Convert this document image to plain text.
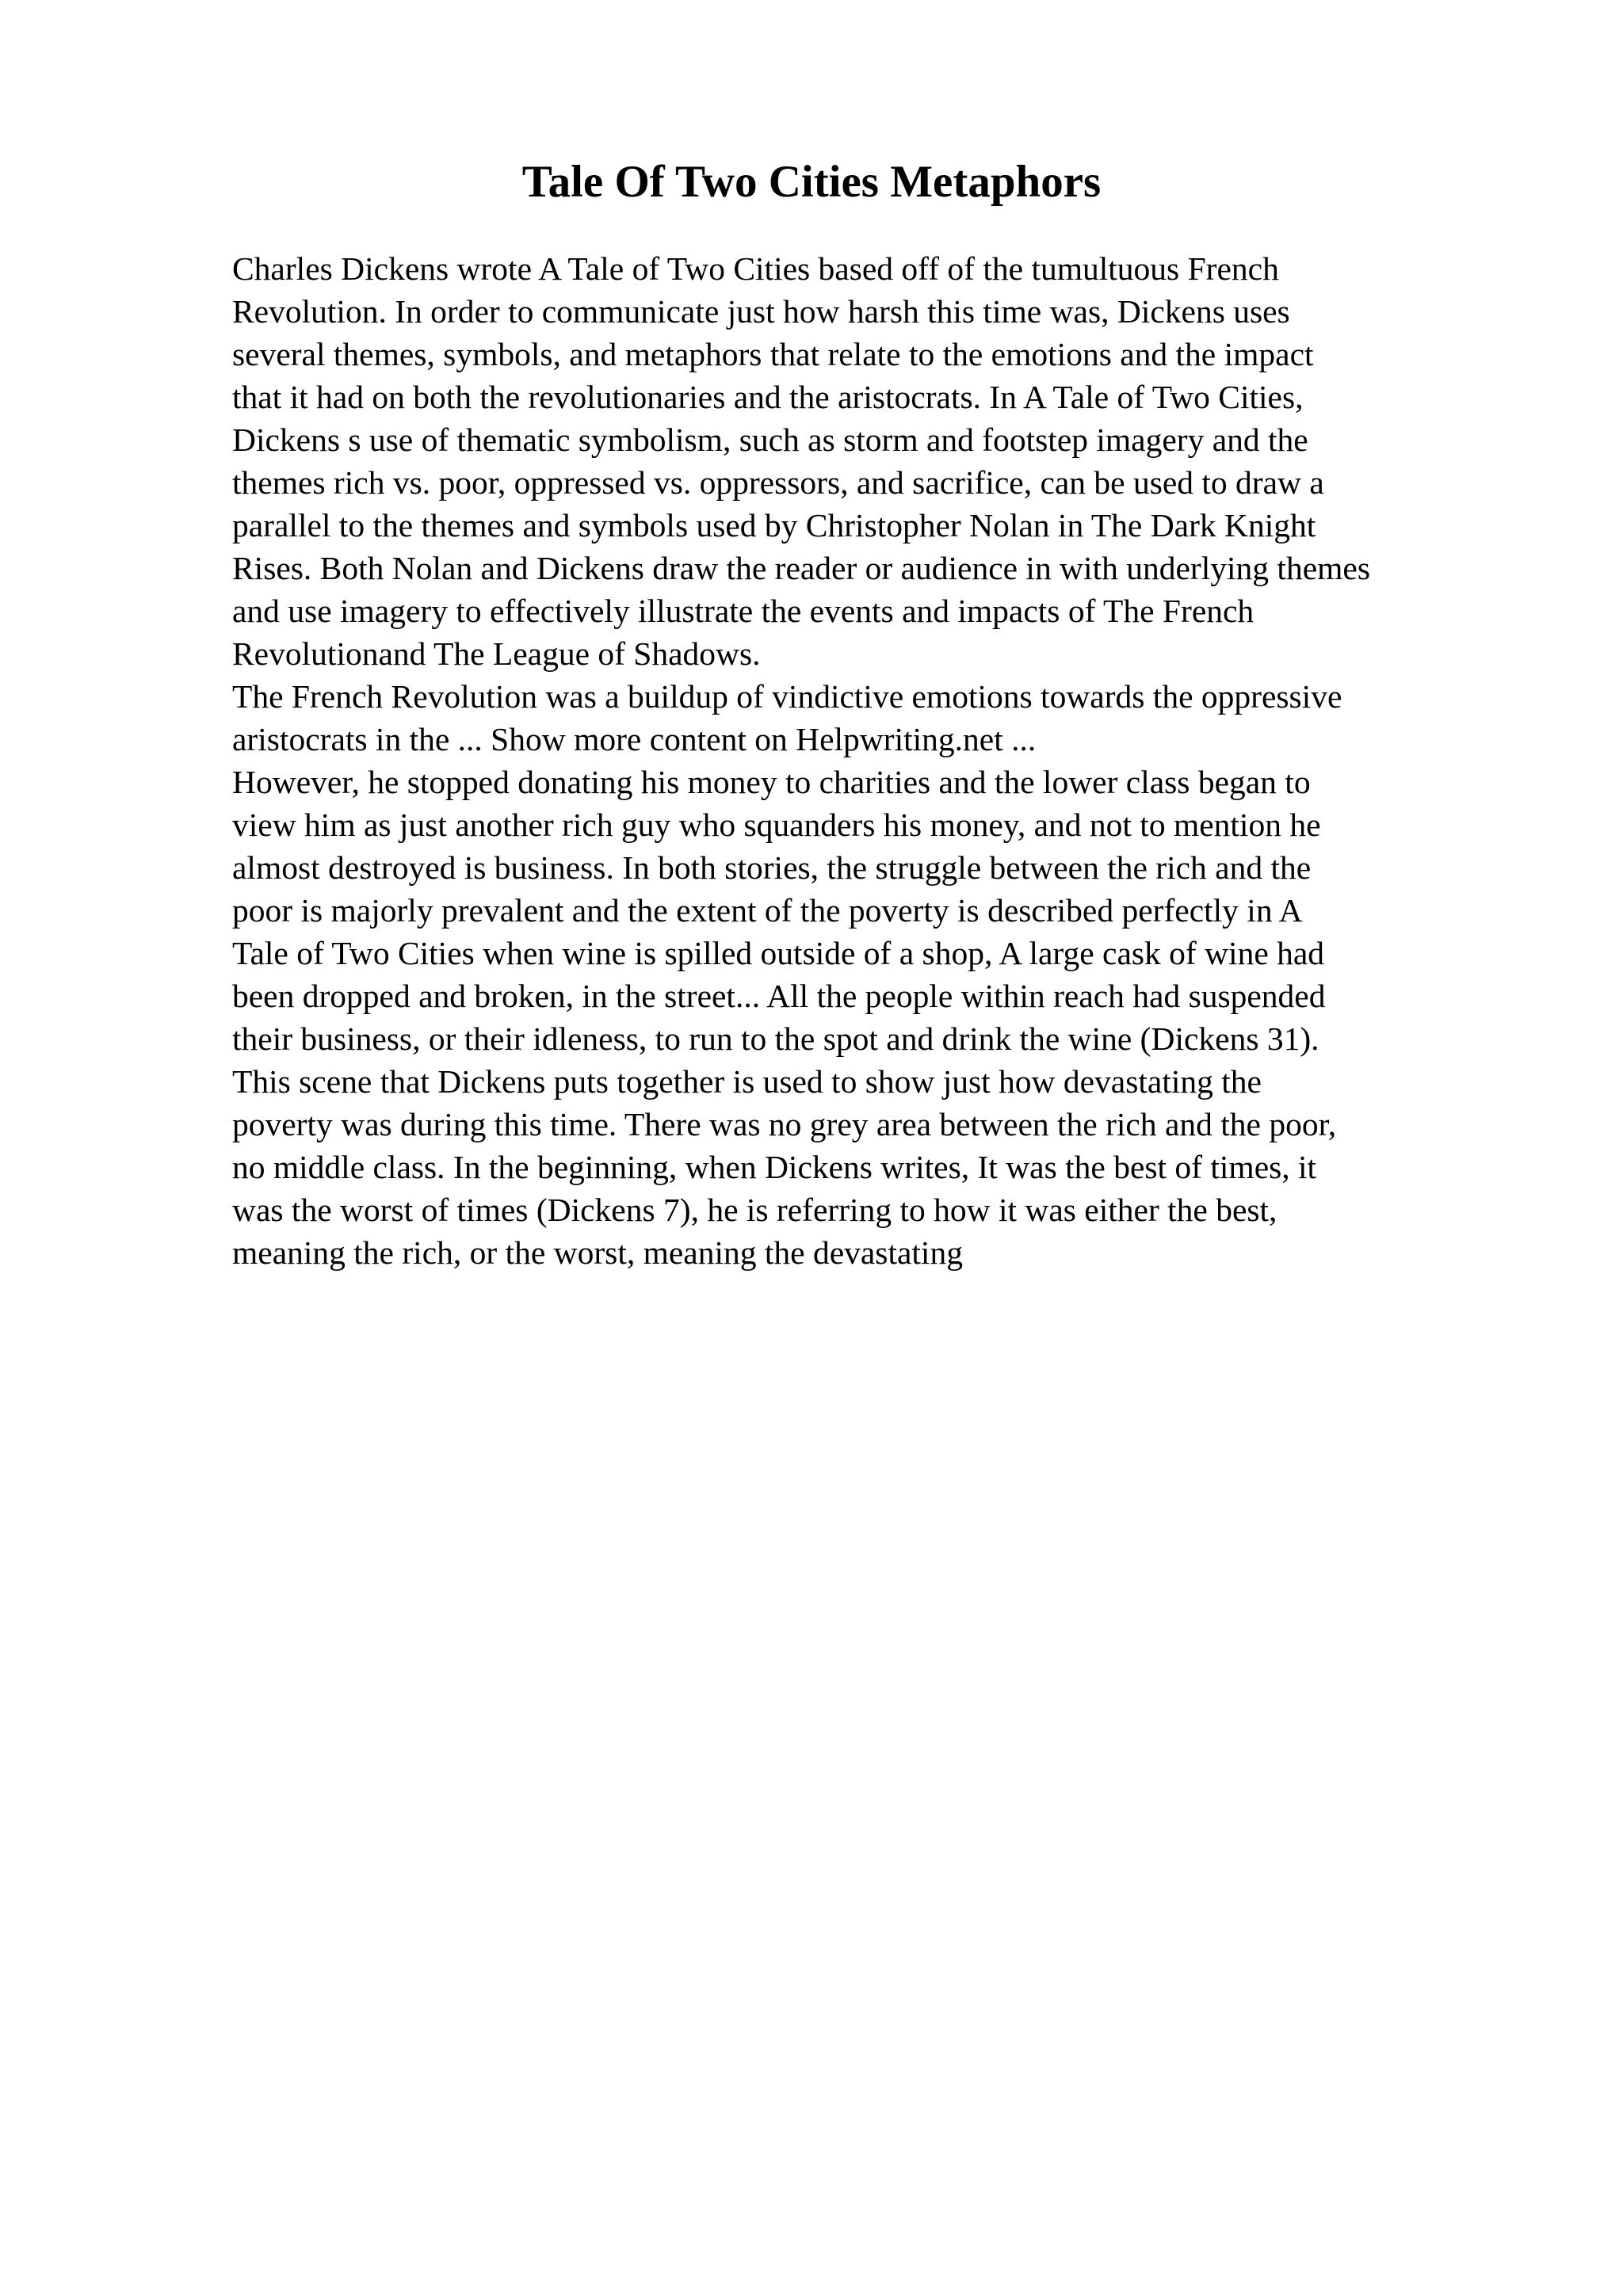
Tale Of Two Cities Metaphors
Charles Dickens wrote A Tale of Two Cities based off of the tumultuous French
Revolution. In order to communicate just how harsh this time was, Dickens uses
several themes, symbols, and metaphors that relate to the emotions and the impact
that it had on both the revolutionaries and the aristocrats. In A Tale of Two Cities,
Dickens s use of thematic symbolism, such as storm and footstep imagery and the
themes rich vs. poor, oppressed vs. oppressors, and sacrifice, can be used to draw a
parallel to the themes and symbols used by Christopher Nolan in The Dark Knight
Rises. Both Nolan and Dickens draw the reader or audience in with underlying themes
and use imagery to effectively illustrate the events and impacts of The French
Revolutionand The League of Shadows.
The French Revolution was a buildup of vindictive emotions towards the oppressive
aristocrats in the ... Show more content on Helpwriting.net ...
However, he stopped donating his money to charities and the lower class began to
view him as just another rich guy who squanders his money, and not to mention he
almost destroyed is business. In both stories, the struggle between the rich and the
poor is majorly prevalent and the extent of the poverty is described perfectly in A
Tale of Two Cities when wine is spilled outside of a shop, A large cask of wine had
been dropped and broken, in the street... All the people within reach had suspended
their business, or their idleness, to run to the spot and drink the wine (Dickens 31).
This scene that Dickens puts together is used to show just how devastating the
poverty was during this time. There was no grey area between the rich and the poor,
no middle class. In the beginning, when Dickens writes, It was the best of times, it
was the worst of times (Dickens 7), he is referring to how it was either the best,
meaning the rich, or the worst, meaning the devastating
